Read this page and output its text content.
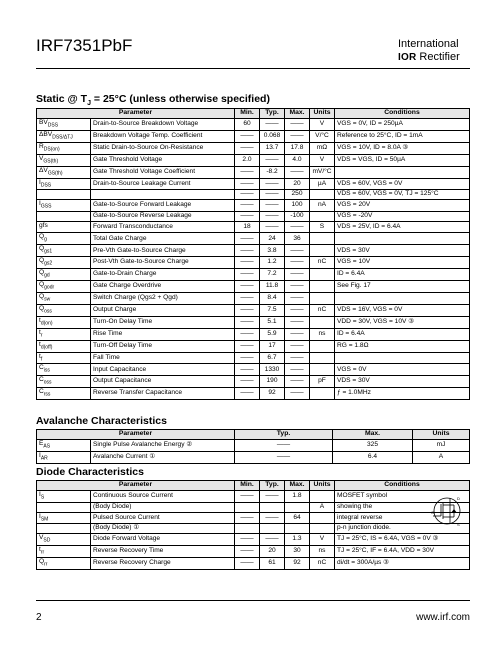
IRF7351PbF	International
IOR Rectifier
Static @ $T_J = 25^\circ C$ (unless otherwise specified)
Parameter		Min.	Typ.	Max.	Units	Conditions
$BV_{DSS}$	Drain-to-Source Breakdown Voltage	60	——	——	V	VGS = 0V, ID = 250µA
$\Delta BV_{DSS/\Delta TJ}$	Breakdown Voltage Temp. Coefficient	——	0.068	——	V/°C	Reference to 25°C, ID = 1mA
$R_{DS(on)}$	Static Drain-to-Source On-Resistance	——	13.7	17.8	mΩ	VGS = 10V, ID = 8.0A ③
$V_{GS(th)}$	Gate Threshold Voltage	2.0	——	4.0	V	VDS = VGS, ID = 50µA
$\Delta V_{GS(th)}$	Gate Threshold Voltage Coefficient	——	-8.2	——	mV/°C	
$I_{DSS}$	Drain-to-Source Leakage Current	——	——	20	µA	VDS = 60V, VGS = 0V
		——	——	250		VDS = 60V, VGS = 0V, TJ = 125°C
$I_{GSS}$	Gate-to-Source Forward Leakage	——	——	100	nA	VGS = 20V
	Gate-to-Source Reverse Leakage	——	——	-100		VGS = -20V
gfs	Forward Transconductance	18	——	——	S	VDS = 25V, ID = 6.4A
$Q_g$	Total Gate Charge	——	24	36		
$Q_{gs1}$	Pre-Vth Gate-to-Source Charge	——	3.8	——		VDS = 30V
$Q_{gs2}$	Post-Vth Gate-to-Source Charge	——	1.2	——	nC	VGS = 10V
$Q_{gd}$	Gate-to-Drain Charge	——	7.2	——		ID = 6.4A
$Q_{godr}$	Gate Charge Overdrive	——	11.8	——		See Fig. 17
$Q_{sw}$	Switch Charge (Qgs2 + Qgd)	——	8.4	——		
$Q_{oss}$	Output Charge	——	7.5	——	nC	VDS = 16V, VGS = 0V
$t_{d(on)}$	Turn-On Delay Time	——	5.1	——		VDD = 30V, VGS = 10V ③
$t_r$	Rise Time	——	5.9	——	ns	ID = 6.4A
$t_{d(off)}$	Turn-Off Delay Time	——	17	——		RG = 1.8Ω
$t_f$	Fall Time	——	6.7	——		
$C_{iss}$	Input Capacitance	——	1330	——		VGS = 0V
$C_{oss}$	Output Capacitance	——	190	——	pF	VDS = 30V
$C_{rss}$	Reverse Transfer Capacitance	——	92	——		ƒ = 1.0MHz
Avalanche Characteristics
Parameter		Typ.	Max.	Units
$E_{AS}$	Single Pulse Avalanche Energy ②	——	325	mJ
$I_{AR}$	Avalanche Current ①	——	6.4	A
Diode Characteristics
Parameter		Min.	Typ.	Max.	Units	Conditions
$I_S$	Continuous Source Current	——	——	1.8		MOSFET symbol
	(Body Diode)				A	showing the
$I_{SM}$	Pulsed Source Current	——	——	64		integral reverse
	(Body Diode) ①					p-n junction diode.
$V_{SD}$	Diode Forward Voltage	——	——	1.3	V	TJ = 25°C, IS = 6.4A, VGS = 0V ③
$t_{rr}$	Reverse Recovery Time	——	20	30	ns	TJ = 25°C, IF = 6.4A, VDD = 30V
$Q_{rr}$	Reverse Recovery Charge	——	61	92	nC	di/dt = 300A/µs ③
D
G
S
2	www.irf.com
